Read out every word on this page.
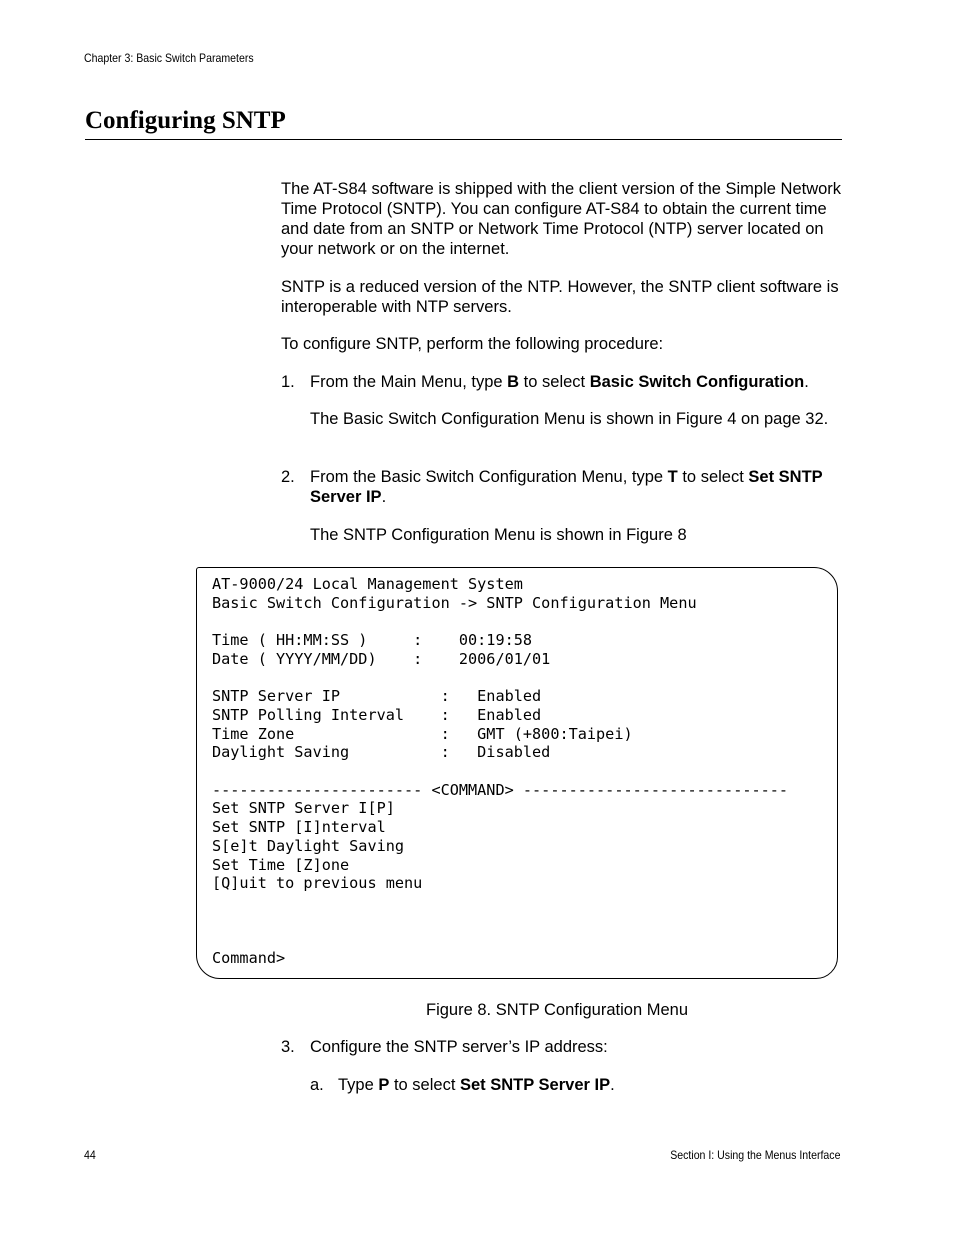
Chapter 3: Basic Switch Parameters
Configuring SNTP

The AT-S84 software is shipped with the client version of the Simple Network Time Protocol (SNTP). You can configure AT-S84 to obtain the current time and date from an SNTP or Network Time Protocol (NTP) server located on your network or on the internet.

SNTP is a reduced version of the NTP. However, the SNTP client software is interoperable with NTP servers.

To configure SNTP, perform the following procedure:

1. From the Main Menu, type B to select Basic Switch Configuration.

The Basic Switch Configuration Menu is shown in Figure 4 on page 32.

2. From the Basic Switch Configuration Menu, type T to select Set SNTP Server IP.

The SNTP Configuration Menu is shown in Figure 8

AT-9000/24 Local Management System
Basic Switch Configuration -> SNTP Configuration Menu

Time ( HH:MM:SS )     :    00:19:58
Date ( YYYY/MM/DD)    :    2006/01/01

SNTP Server IP           :   Enabled
SNTP Polling Interval    :   Enabled
Time Zone                :   GMT (+800:Taipei)
Daylight Saving          :   Disabled

----------------------- <COMMAND> -----------------------------
Set SNTP Server I[P]
Set SNTP [I]nterval
S[e]t Daylight Saving
Set Time [Z]one
[Q]uit to previous menu

Command>
Figure 8. SNTP Configuration Menu
3. Configure the SNTP server’s IP address:
a. Type P to select Set SNTP Server IP.
44	Section I: Using the Menus Interface
